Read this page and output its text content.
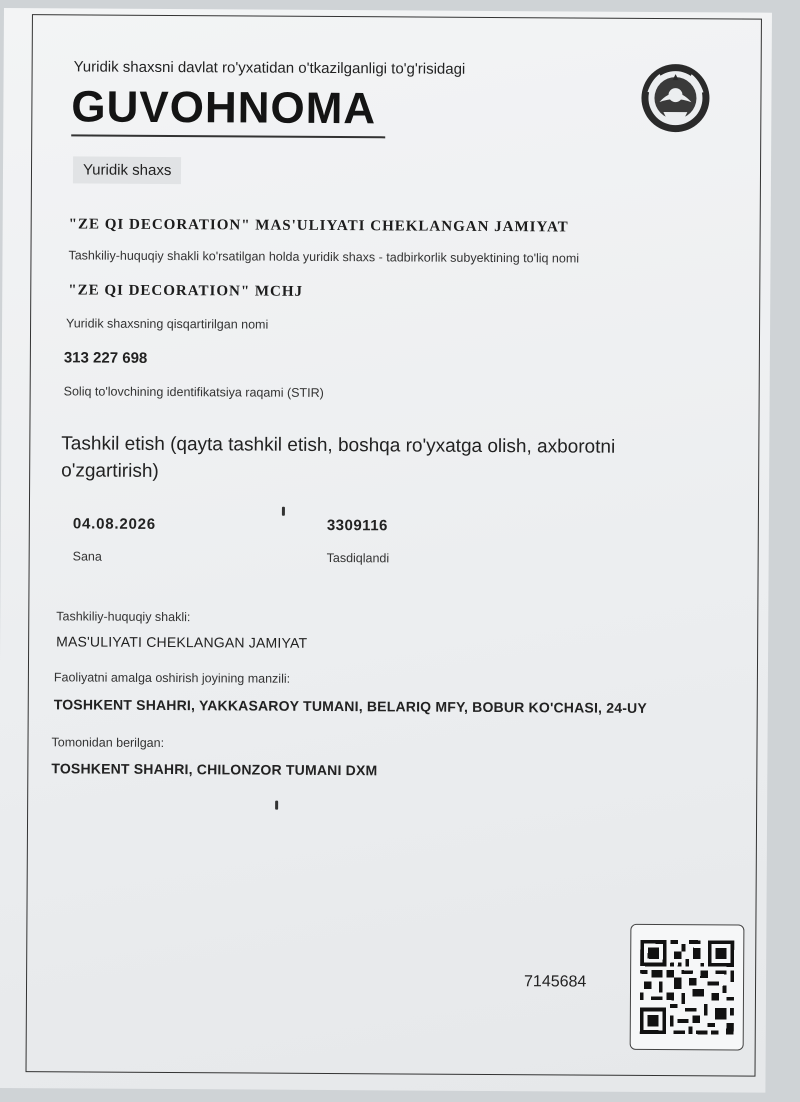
Yuridik shaxsni davlat ro'yxatidan o'tkazilganligi to'g'risidagi
GUVOHNOMA
Yuridik shaxs
"ZE QI DECORATION" MAS'ULIYATI CHEKLANGAN JAMIYAT
Tashkiliy-huquqiy shakli ko'rsatilgan holda yuridik shaxs - tadbirkorlik subyektining to'liq nomi
"ZE QI DECORATION" MCHJ
Yuridik shaxsning qisqartirilgan nomi
313 227 698
Soliq to'lovchining identifikatsiya raqami (STIR)
Tashkil etish (qayta tashkil etish, boshqa ro'yxatga olish, axborotni o'zgartirish)
04.08.2026
Sana
3309116
Tasdiqlandi
Tashkiliy-huquqiy shakli:
MAS'ULIYATI CHEKLANGAN JAMIYAT
Faoliyatni amalga oshirish joyining manzili:
TOSHKENT SHAHRI, YAKKASAROY TUMANI, BELARIQ MFY, BOBUR KO'CHASI, 24-UY
Tomonidan berilgan:
TOSHKENT SHAHRI, CHILONZOR TUMANI DXM
7145684
